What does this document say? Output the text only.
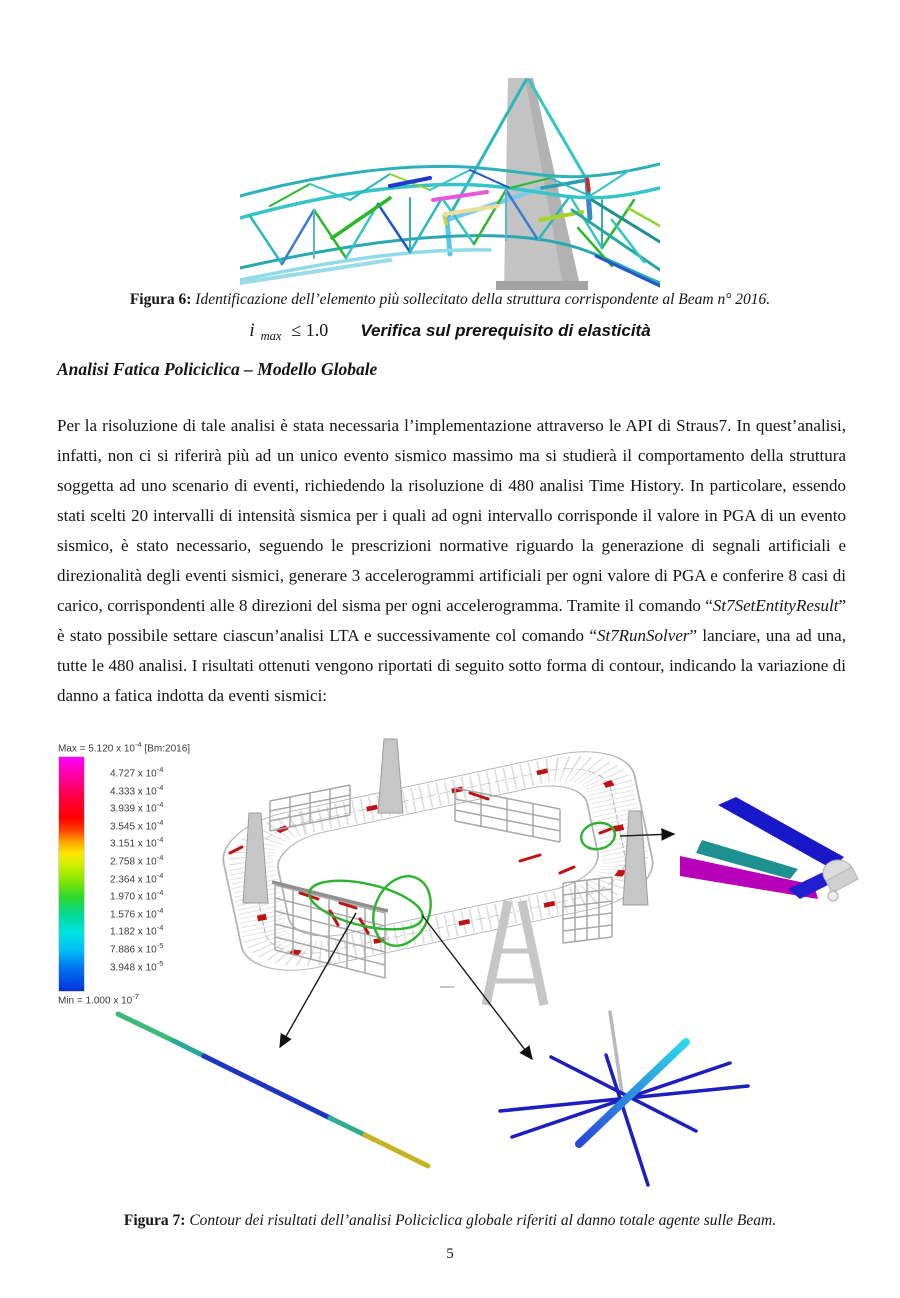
Figura 6: Identificazione dell’elemento più sollecitato della struttura corrispondente al Beam n° 2016.
i max ≤ 1.0 Verifica sul prerequisito di elasticità
Analisi Fatica Policiclica – Modello Globale

Per la risoluzione di tale analisi è stata necessaria l’implementazione attraverso le API di Straus7. In quest’analisi, infatti, non ci si riferirà più ad un unico evento sismico massimo ma si studierà il comportamento della struttura soggetta ad uno scenario di eventi, richiedendo la risoluzione di 480 analisi Time History. In particolare, essendo stati scelti 20 intervalli di intensità sismica per i quali ad ogni intervallo corrisponde il valore in PGA di un evento sismico, è stato necessario, seguendo le prescrizioni normative riguardo la generazione di segnali artificiali e direzionalità degli eventi sismici, generare 3 accelerogrammi artificiali per ogni valore di PGA e conferire 8 casi di carico, corrispondenti alle 8 direzioni del sisma per ogni accelerogramma. Tramite il comando “St7SetEntityResult” è stato possibile settare ciascun’analisi LTA e successivamente col comando “St7RunSolver” lanciare, una ad una, tutte le 480 analisi. I risultati ottenuti vengono riportati di seguito sotto forma di contour, indicando la variazione di danno a fatica indotta da eventi sismici:

Max = 5.120 x $10^{-4}$ [Bm:2016]
4.727 x $10^{-4}$
4.333 x $10^{-4}$
3.939 x $10^{-4}$
3.545 x $10^{-4}$
3.151 x $10^{-4}$
2.758 x $10^{-4}$
2.364 x $10^{-4}$
1.970 x $10^{-4}$
1.576 x $10^{-4}$
1.182 x $10^{-4}$
7.886 x $10^{-5}$
3.948 x $10^{-5}$
Min = 1.000 x $10^{-7}$
Figura 7: Contour dei risultati dell’analisi Policiclica globale riferiti al danno totale agente sulle Beam.
5
